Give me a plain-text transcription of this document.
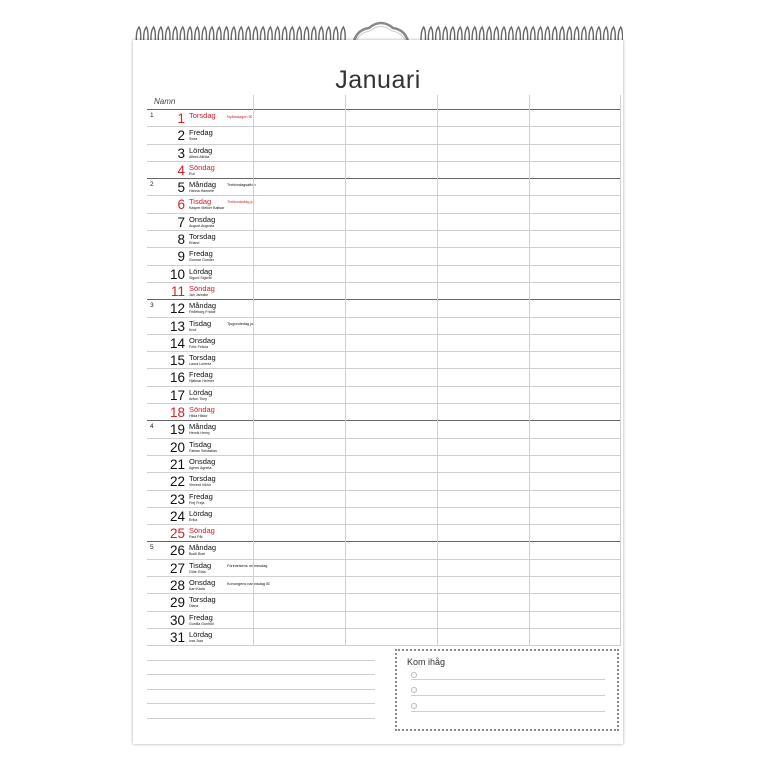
Januari
Namn
1 1 Torsdag	Nyårsdagen ☒
2 Fredag
Svea
3 Lördag
Alfred Alfrida
4 Söndag
Rut
2 5 Måndag
Hanna Hannele
Trettondagsafton
6 Tisdag
Kasper Melker Baltsar
Trettondedag jul
7 Onsdag
August Augusta
8 Torsdag
Erland
9 Fredag
Gunnar Gunder
10 Lördag
Sigurd Sigbritt
11 Söndag
Jan Jannike
3 12 Måndag
Frideborg Fridolf
13 Tisdag
Knut
Tjugondedag jul
14 Onsdag
Felix Felicia
15 Torsdag
Laura Lorentz
16 Fredag
Hjalmar Helmer
17 Lördag
Anton Tony
18 Söndag
Hilda Hildur
4 19 Måndag
Henrik Henry
20 Tisdag
Fabian Sebastian
21 Onsdag
Agnes Agneta
22 Torsdag
Vincent Viktor
23 Fredag
Frej Freja
24 Lördag
Erika
25 Söndag
Paul Pål
5 26 Måndag
Bodil Boel
27 Tisdag
Göte Göta
Förintelsens minnesdag
28 Onsdag
Karl Karla
Konungens namnsdag ☒
29 Torsdag
Diana
30 Fredag
Gunilla Gunhild
31 Lördag
Ivar Joar
Kom ihåg
